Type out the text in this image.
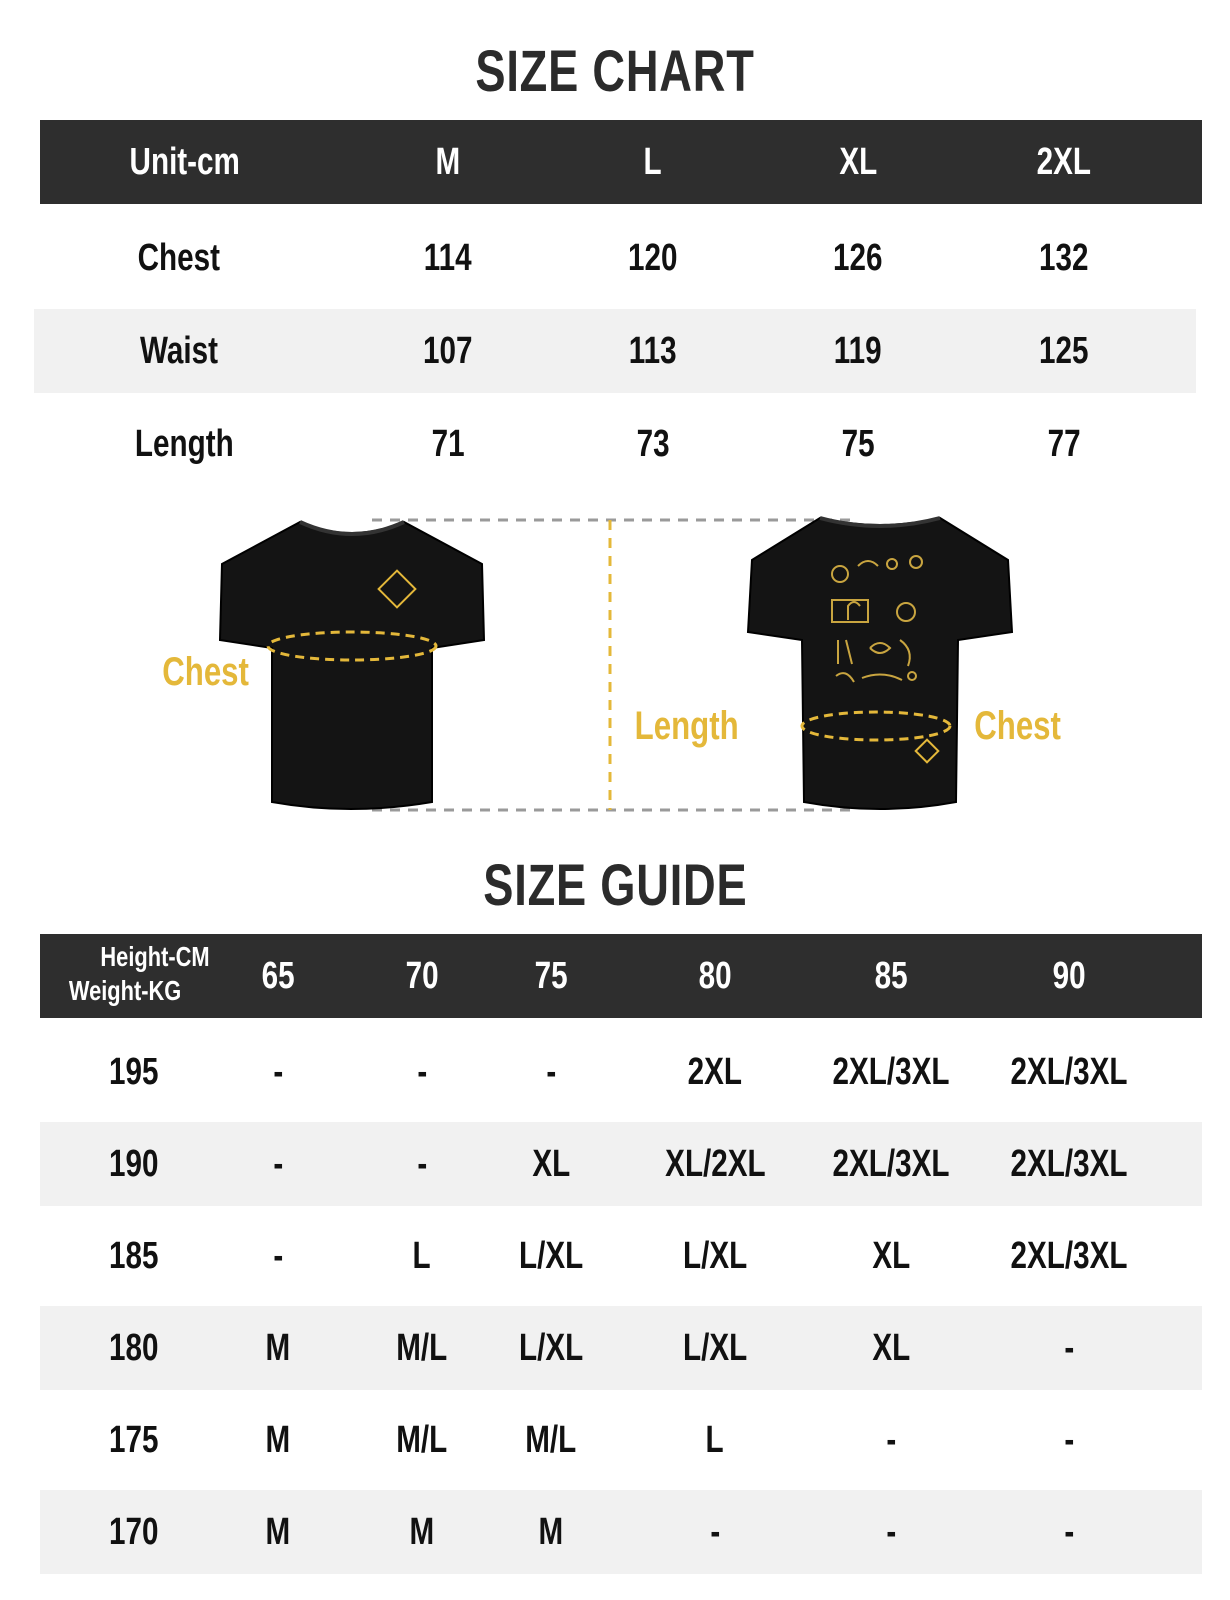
SIZE CHART
Unit-cm	M	L	XL	2XL
Chest	114	120	126	132
Waist	107	113	119	125
Length	71	73	75	77
Chest
Length	Chest
SIZE GUIDE
Height-CM
Weight-KG	65	70	75	80	85	90
195	-	-	-	2XL	2XL/3XL	2XL/3XL
190	-	-	XL	XL/2XL	2XL/3XL	2XL/3XL
185	-	L	L/XL	L/XL	XL	2XL/3XL
180	M	M/L	L/XL	L/XL	XL	-
175	M	M/L	M/L	L	-	-
170	M	M	M	-	-	-
